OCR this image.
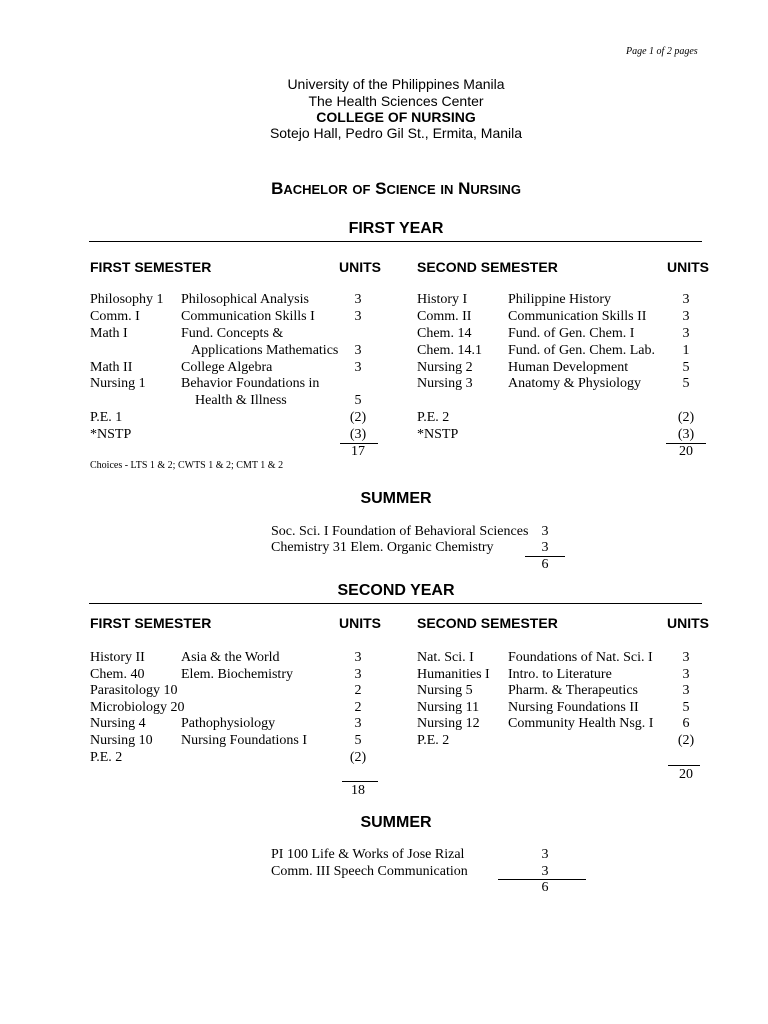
Page 1 of 2 pages
University of the Philippines Manila
The Health Sciences Center
COLLEGE OF NURSING
Sotejo Hall, Pedro Gil St., Ermita, Manila
BACHELOR OF SCIENCE IN NURSING
FIRST YEAR
FIRST SEMESTER	UNITS	SECOND SEMESTER	UNITS
Philosophy 1 Philosophical Analysis	3
Comm. I	Communication Skills I	3
Math I	Fund. Concepts &
Applications Mathematics	3
Math II	College Algebra	3
Nursing 1	Behavior Foundations in
Health & Illness	5
P.E. 1	(2)
*NSTP	(3)
17
History I	Philippine History	3
Comm. II	Communication Skills II	3
Chem. 14	Fund. of Gen. Chem. I	3
Chem. 14.1 Fund. of Gen. Chem. Lab.	1
Nursing 2	Human Development	5
Nursing 3	Anatomy & Physiology	5
P.E. 2	(2)
*NSTP	(3)
20
Choices - LTS 1 & 2; CWTS 1 & 2; CMT 1 & 2
SUMMER
Soc. Sci. I Foundation of Behavioral Sciences 3
Chemistry 31 Elem. Organic Chemistry	3
6
SECOND YEAR
FIRST SEMESTER	UNITS	SECOND SEMESTER	UNITS
History II	Asia & the World	3
Chem. 40	Elem. Biochemistry	3
Parasitology 10	2
Microbiology 20	2
Nursing 4	Pathophysiology	3
Nursing 10 Nursing Foundations I	5
P.E. 2	(2)
18
Nat. Sci. I Foundations of Nat. Sci. I	3
Humanities I Intro. to Literature	3
Nursing 5	Pharm. & Therapeutics	3
Nursing 11 Nursing Foundations II	5
Nursing 12 Community Health Nsg. I	6
P.E. 2	(2)
20
SUMMER
PI 100 Life & Works of Jose Rizal	3
Comm. III Speech Communication	3
6
